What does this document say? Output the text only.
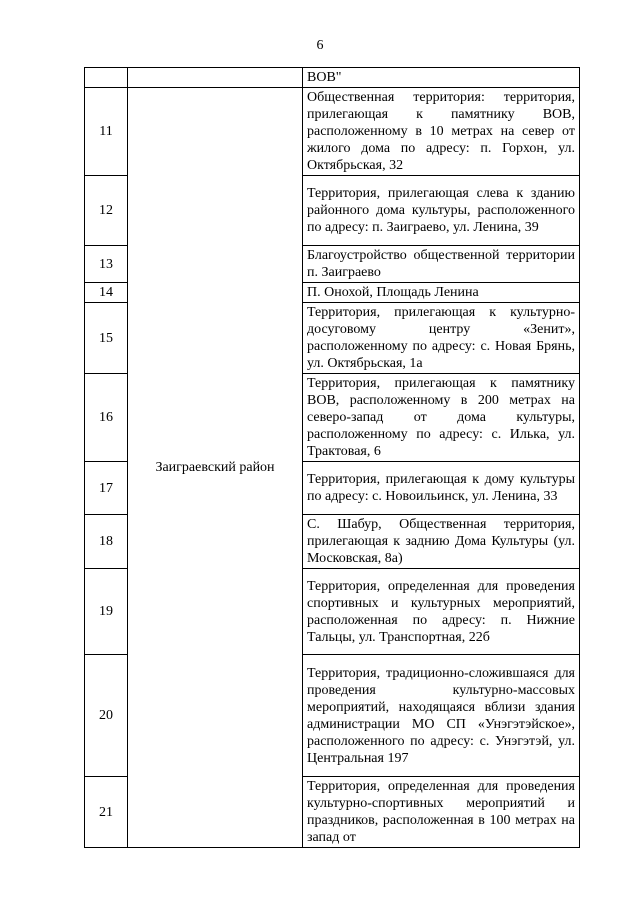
6
		ВОВ"
11	Заиграевский район	Общественная территория: территория, прилегающая к памятнику ВОВ, расположенному в 10 метрах на север от жилого дома по адресу: п. Горхон, ул. Октябрьская, 32
12		Территория, прилегающая слева к зданию районного дома культуры, расположенного по адресу: п. Заиграево, ул. Ленина, 39
13		Благоустройство общественной территории п. Заиграево
14		П. Онохой, Площадь Ленина
15		Территория, прилегающая к культурно-досуговому центру «Зенит», расположенному по адресу: с. Новая Брянь, ул. Октябрьская, 1а
16		Территория, прилегающая к памятнику ВОВ, расположенному в 200 метрах на северо-запад от дома культуры, расположенному по адресу: с. Илька, ул. Трактовая, 6
17		Территория, прилегающая к дому культуры по адресу: с. Новоильинск, ул. Ленина, 33
18		С. Шабур, Общественная территория, прилегающая к заднию Дома Культуры (ул. Московская, 8а)
19		Территория, определенная для проведения спортивных и культурных мероприятий, расположенная по адресу: п. Нижние Тальцы, ул. Транспортная, 22б
20		Территория, традиционно-сложившаяся для проведения культурно-массовых мероприятий, находящаяся вблизи здания администрации МО СП «Унэгэтэйское», расположенного по адресу: с. Унэгэтэй, ул. Центральная 197
21		Территория, определенная для проведения культурно-спортивных мероприятий и праздников, расположенная в 100 метрах на запад от
